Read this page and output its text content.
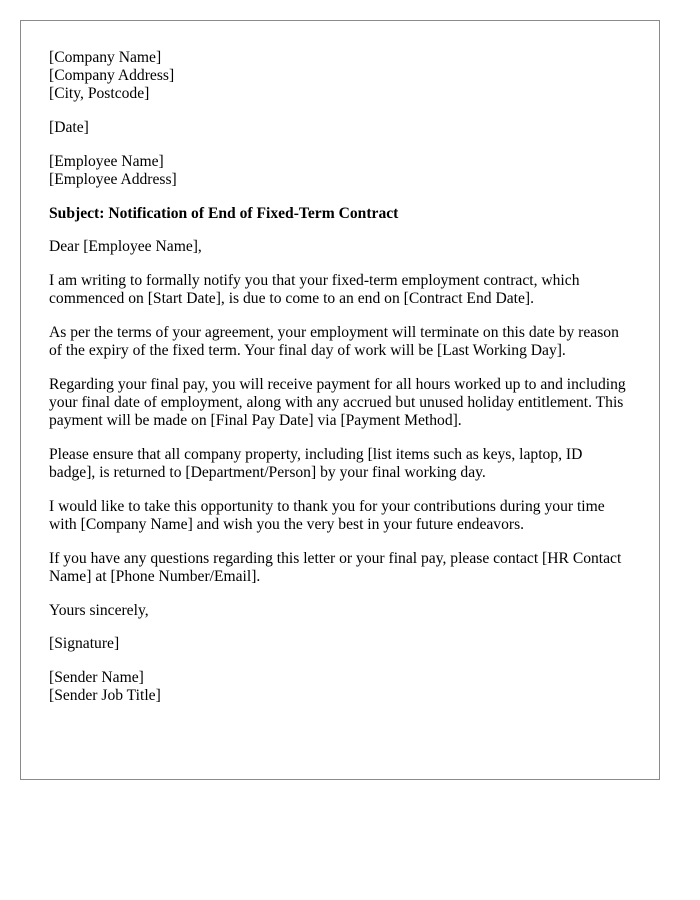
[Company Name]
[Company Address]
[City, Postcode]
[Date]
[Employee Name]
[Employee Address]
Subject: Notification of End of Fixed-Term Contract
Dear [Employee Name],
I am writing to formally notify you that your fixed-term employment contract, which commenced on [Start Date], is due to come to an end on [Contract End Date].
As per the terms of your agreement, your employment will terminate on this date by reason of the expiry of the fixed term. Your final day of work will be [Last Working Day].
Regarding your final pay, you will receive payment for all hours worked up to and including your final date of employment, along with any accrued but unused holiday entitlement. This payment will be made on [Final Pay Date] via [Payment Method].
Please ensure that all company property, including [list items such as keys, laptop, ID badge], is returned to [Department/Person] by your final working day.
I would like to take this opportunity to thank you for your contributions during your time with [Company Name] and wish you the very best in your future endeavors.
If you have any questions regarding this letter or your final pay, please contact [HR Contact Name] at [Phone Number/Email].
Yours sincerely,
[Signature]
[Sender Name]
[Sender Job Title]
